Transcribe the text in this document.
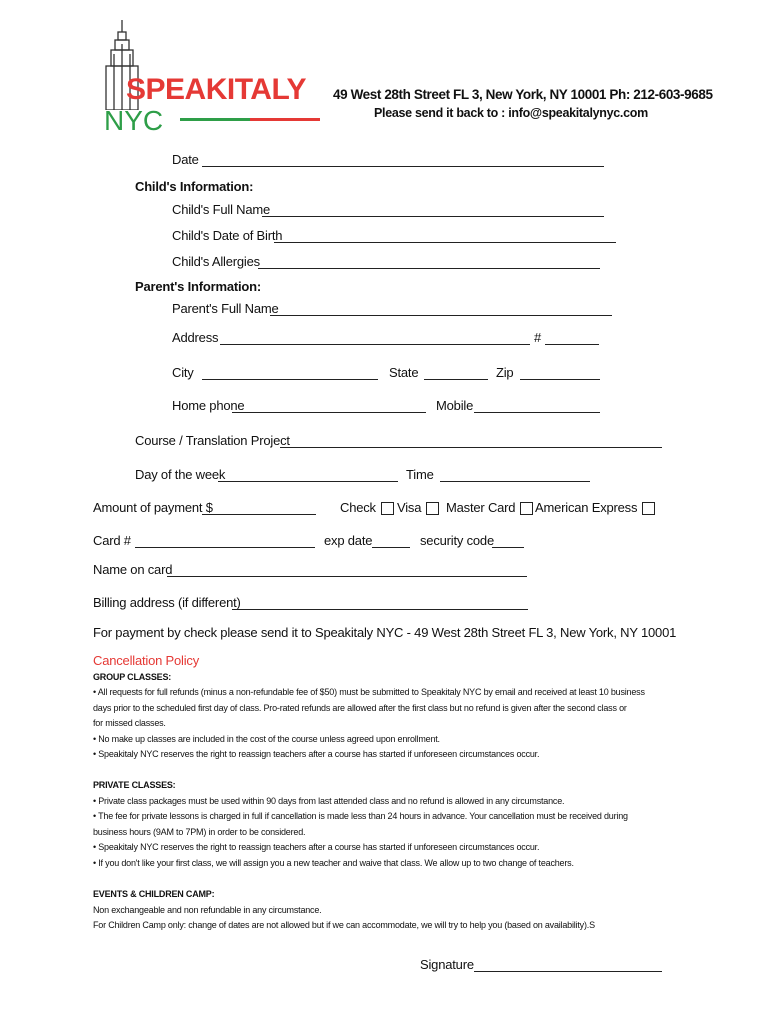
SPEAKITALY
NYC
49 West 28th Street FL 3, New York, NY 10001 Ph: 212-603-9685
Please send it back to : info@speakitalynyc.com
Date
Child's Information:
Child's Full Name
Child's Date of Birth
Child's Allergies
Parent's Information:
Parent's Full Name
Address	#
City	State	Zip
Home phone	Mobile
Course / Translation Project
Day of the week	Time
Amount of payment $	Check	Visa	Master Card	American Express
Card #	exp date	security code
Name on card
Billing address (if different)
For payment by check please send it to Speakitaly NYC - 49 West 28th Street FL 3, New York, NY 10001
Cancellation Policy
GROUP CLASSES:
• All requests for full refunds (minus a non-refundable fee of $50) must be submitted to Speakitaly NYC by email and received at least 10 business
days prior to the scheduled first day of class. Pro-rated refunds are allowed after the first class but no refund is given after the second class or
for missed classes.
• No make up classes are included in the cost of the course unless agreed upon enrollment.
• Speakitaly NYC reserves the right to reassign teachers after a course has started if unforeseen circumstances occur.
PRIVATE CLASSES:
• Private class packages must be used within 90 days from last attended class and no refund is allowed in any circumstance.
• The fee for private lessons is charged in full if cancellation is made less than 24 hours in advance. Your cancellation must be received during
business hours (9AM to 7PM) in order to be considered.
• Speakitaly NYC reserves the right to reassign teachers after a course has started if unforeseen circumstances occur.
• If you don't like your first class, we will assign you a new teacher and waive that class. We allow up to two change of teachers.
EVENTS & CHILDREN CAMP:
Non exchangeable and non refundable in any circumstance.
For Children Camp only: change of dates are not allowed but if we can accommodate, we will try to help you (based on availability).S
Signature
